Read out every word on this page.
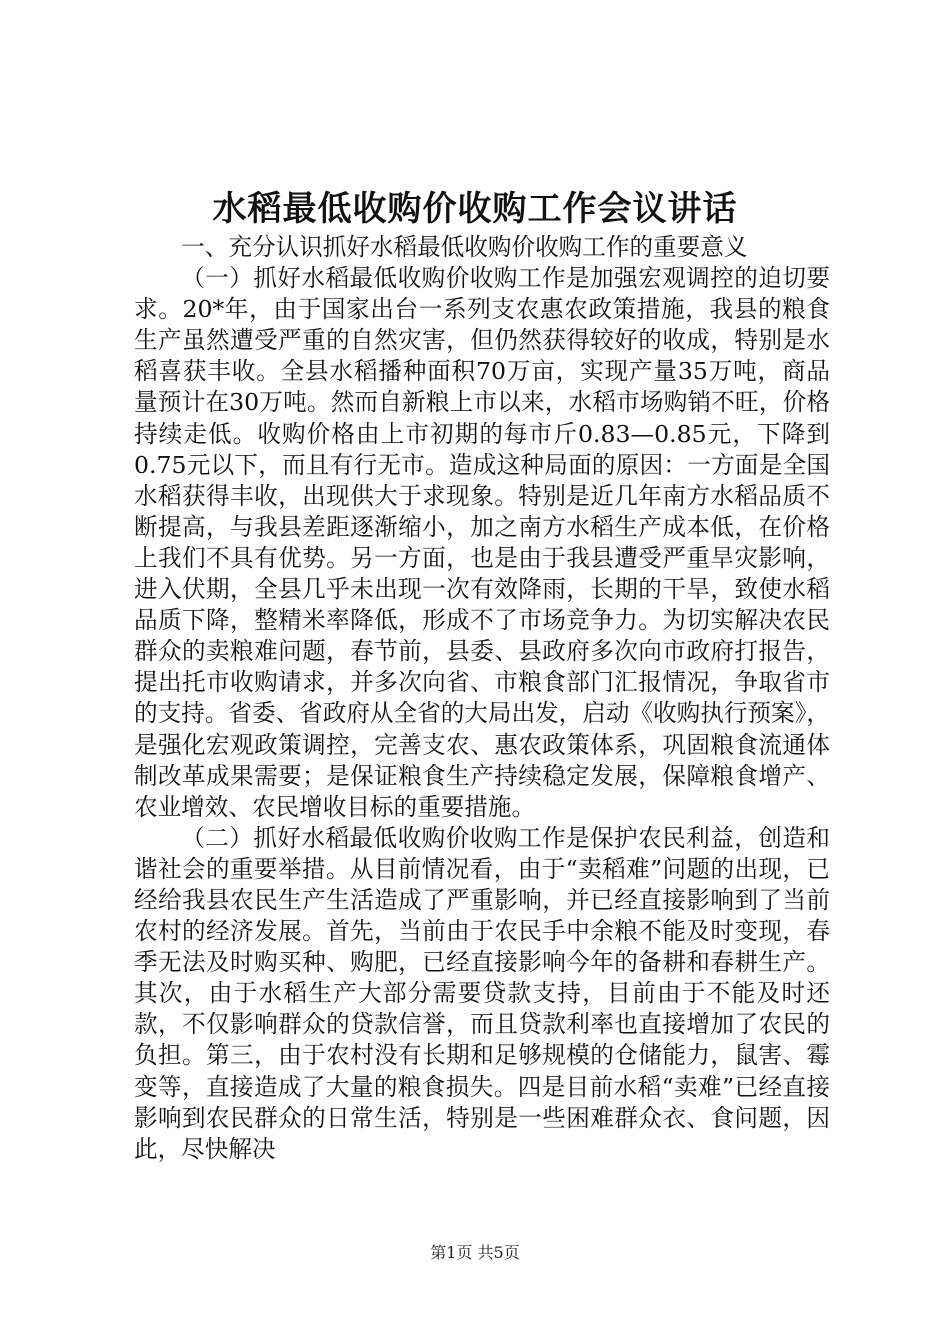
水稻最低收购价收购工作会议讲话

一、充分认识抓好水稻最低收购价收购工作的重要意义

（一）抓好水稻最低收购价收购工作是加强宏观调控的迫切要求。20*年，由于国家出台一系列支农惠农政策措施，我县的粮食生产虽然遭受严重的自然灾害，但仍然获得较好的收成，特别是水稻喜获丰收。全县水稻播种面积70万亩，实现产量35万吨，商品量预计在30万吨。然而自新粮上市以来，水稻市场购销不旺，价格持续走低。收购价格由上市初期的每市斤0.83—0.85元，下降到0.75元以下，而且有行无市。造成这种局面的原因：一方面是全国水稻获得丰收，出现供大于求现象。特别是近几年南方水稻品质不断提高，与我县差距逐渐缩小，加之南方水稻生产成本低，在价格上我们不具有优势。另一方面，也是由于我县遭受严重旱灾影响，进入伏期，全县几乎未出现一次有效降雨，长期的干旱，致使水稻品质下降，整精米率降低，形成不了市场竞争力。为切实解决农民群众的卖粮难问题，春节前，县委、县政府多次向市政府打报告，提出托市收购请求，并多次向省、市粮食部门汇报情况，争取省市的支持。省委、省政府从全省的大局出发，启动《收购执行预案》，是强化宏观政策调控，完善支农、惠农政策体系，巩固粮食流通体制改革成果需要；是保证粮食生产持续稳定发展，保障粮食增产、农业增效、农民增收目标的重要措施。

（二）抓好水稻最低收购价收购工作是保护农民利益，创造和谐社会的重要举措。从目前情况看，由于“卖稻难”问题的出现，已经给我县农民生产生活造成了严重影响，并已经直接影响到了当前农村的经济发展。首先，当前由于农民手中余粮不能及时变现，春季无法及时购买种、购肥，已经直接影响今年的备耕和春耕生产。其次，由于水稻生产大部分需要贷款支持，目前由于不能及时还款，不仅影响群众的贷款信誉，而且贷款利率也直接增加了农民的负担。第三，由于农村没有长期和足够规模的仓储能力，鼠害、霉变等，直接造成了大量的粮食损失。四是目前水稻“卖难”已经直接影响到农民群众的日常生活，特别是一些困难群众衣、食问题，因此，尽快解决

第1页 共5页
